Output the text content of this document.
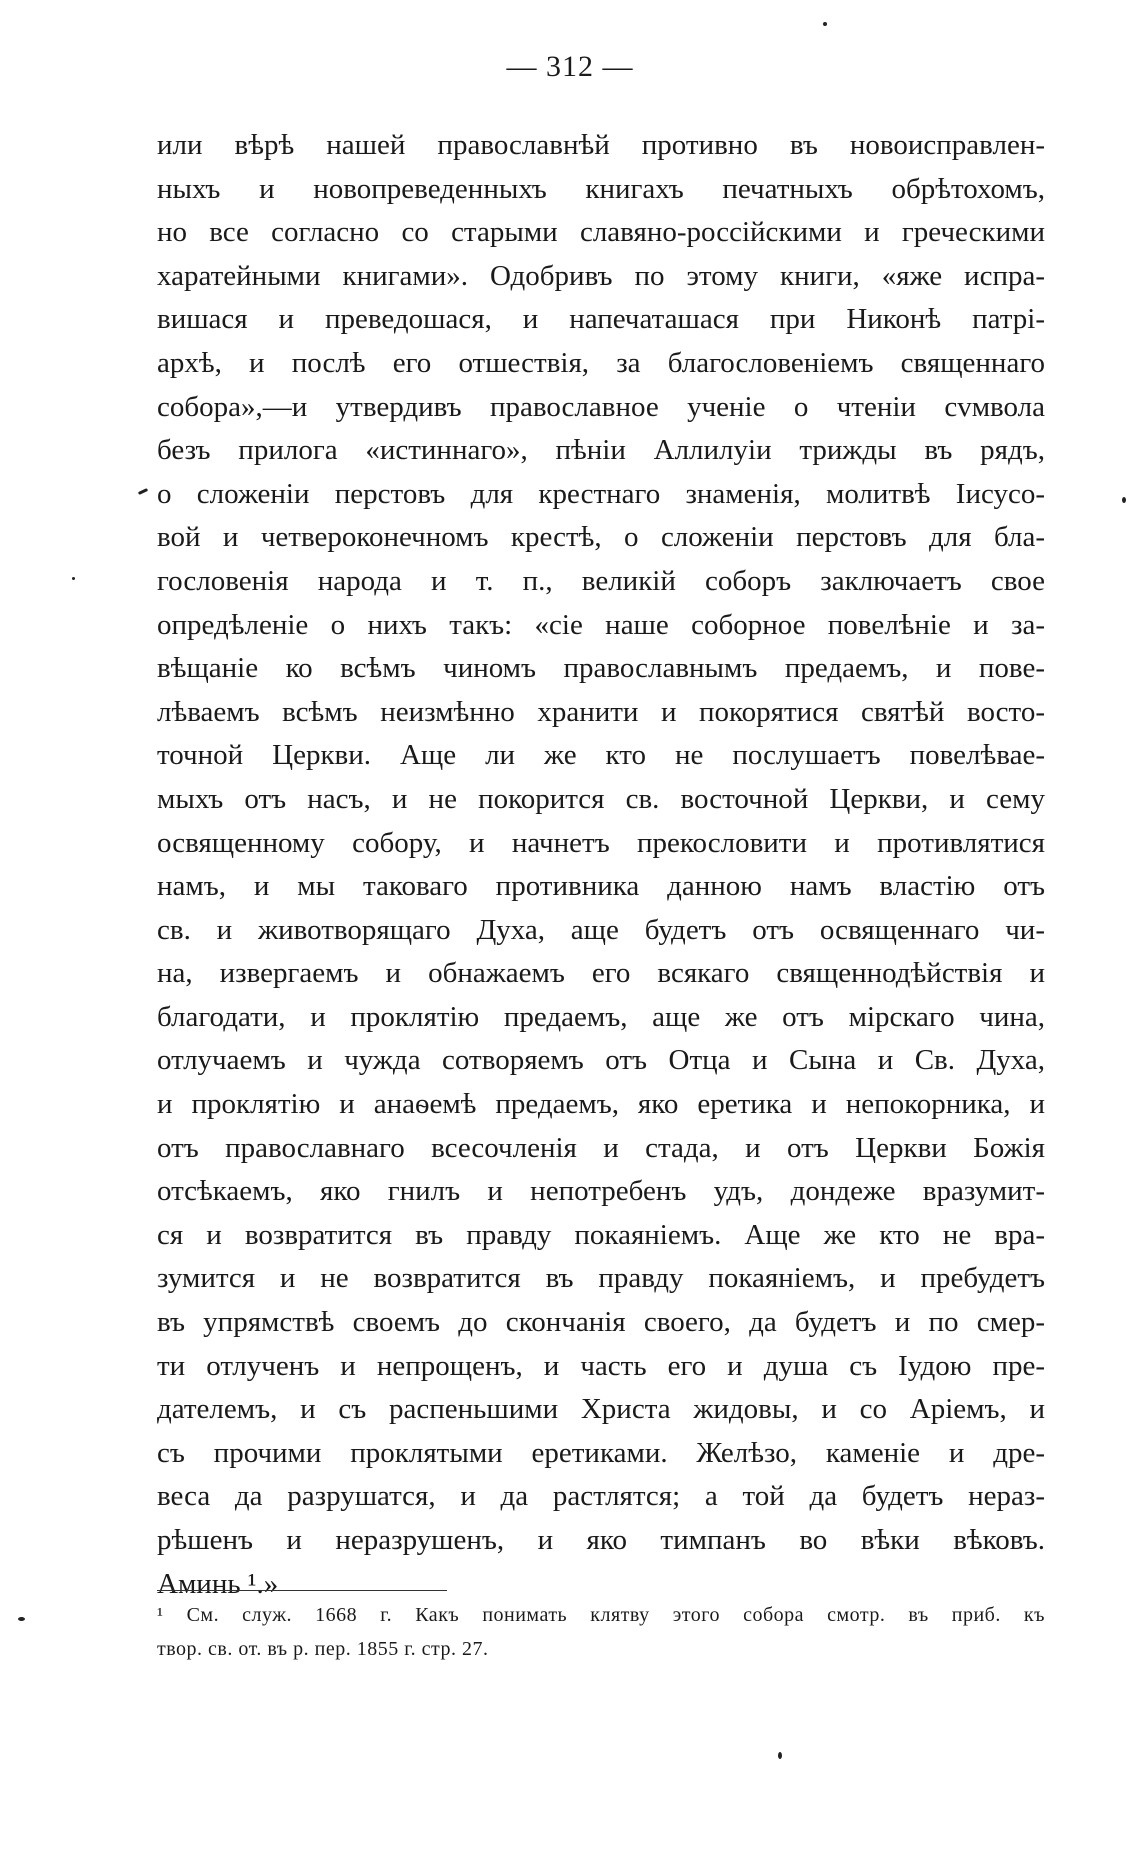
— 312 —
или вѣрѣ нашей православнѣй противно въ новоисправлен-
ныхъ и новопреведенныхъ книгахъ печатныхъ обрѣтохомъ,
но все согласно со старыми славяно-россійскими и греческими
харатейными книгами». Одобривъ по этому книги, «яже испра-
вишася и преведошася, и напечаташася при Никонѣ патрі-
архѣ, и послѣ его отшествія, за благословеніемъ священнаго
собора»,—и утвердивъ православное ученіе о чтеніи сvмвола
безъ прилога «истиннаго», пѣніи Аллилуіи трижды въ рядъ,
о сложеніи перстовъ для крестнаго знаменія, молитвѣ Іисусо-
вой и четвероконечномъ крестѣ, о сложеніи перстовъ для бла-
гословенія народа и т. п., великій соборъ заключаетъ свое
опредѣленіе о нихъ такъ: «сіе наше соборное повелѣніе и за-
вѣщаніе ко всѣмъ чиномъ православнымъ предаемъ, и пове-
лѣваемъ всѣмъ неизмѣнно хранити и покорятися святѣй восто-
точной Церкви. Аще ли же кто не послушаетъ повелѣвае-
мыхъ отъ насъ, и не покорится св. восточной Церкви, и сему
освященному собору, и начнетъ прекословити и противлятися
намъ, и мы таковаго противника данною намъ властію отъ
св. и животворящаго Духа, аще будетъ отъ освященнаго чи-
на, извергаемъ и обнажаемъ его всякаго священнодѣйствія и
благодати, и проклятію предаемъ, аще же отъ мірскаго чина,
отлучаемъ и чужда сотворяемъ отъ Отца и Сына и Св. Духа,
и проклятію и анаѳемѣ предаемъ, яко еретика и непокорника, и
отъ православнаго всесочленія и стада, и отъ Церкви Божія
отсѣкаемъ, яко гнилъ и непотребенъ удъ, дондеже вразумит-
ся и возвратится въ правду покаяніемъ. Аще же кто не вра-
зумится и не возвратится въ правду покаяніемъ, и пребудетъ
въ упрямствѣ своемъ до скончанія своего, да будетъ и по смер-
ти отлученъ и непрощенъ, и часть его и душа съ Іудою пре-
дателемъ, и съ распеньшими Христа жидовы, и со Аріемъ, и
съ прочими проклятыми еретиками. Желѣзо, каменіе и дре-
веса да разрушатся, и да растлятся; а той да будетъ нераз-
рѣшенъ и неразрушенъ, и яко тимпанъ во вѣки вѣковъ.
Аминь ¹.»
¹ См. служ. 1668 г. Какъ понимать клятву этого собора смотр. въ приб. къ
твор. св. от. въ р. пер. 1855 г. стр. 27.
